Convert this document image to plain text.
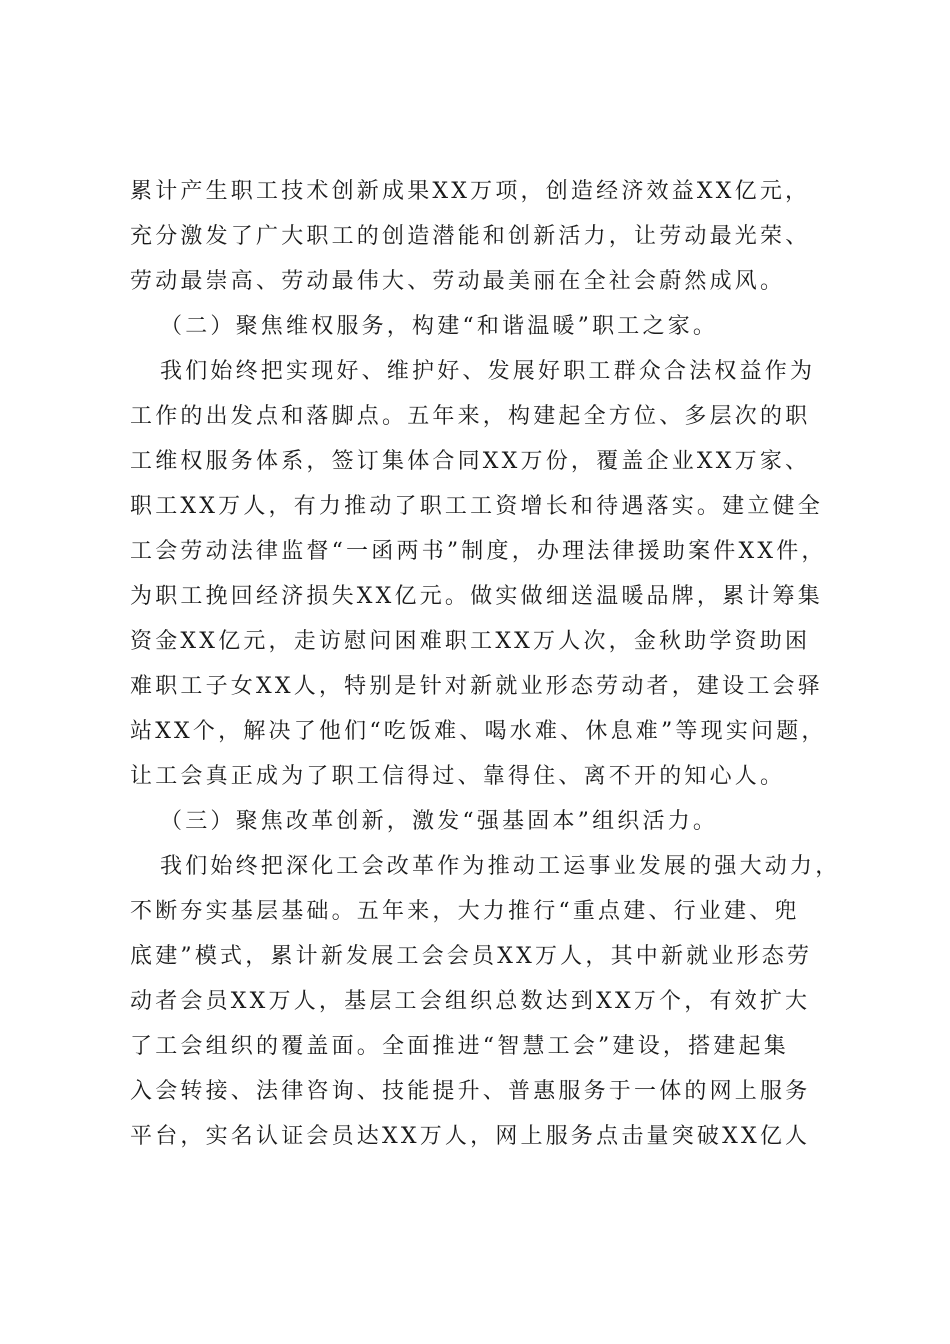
累计产生职工技术创新成果XX万项，创造经济效益XX亿元，
充分激发了广大职工的创造潜能和创新活力，让劳动最光荣、
劳动最崇高、劳动最伟大、劳动最美丽在全社会蔚然成风。
（二）聚焦维权服务，构建“和谐温暖”职工之家。
我们始终把实现好、维护好、发展好职工群众合法权益作为
工作的出发点和落脚点。五年来，构建起全方位、多层次的职
工维权服务体系，签订集体合同XX万份，覆盖企业XX万家、
职工XX万人，有力推动了职工工资增长和待遇落实。建立健全
工会劳动法律监督“一函两书”制度，办理法律援助案件XX件，
为职工挽回经济损失XX亿元。做实做细送温暖品牌，累计筹集
资金XX亿元，走访慰问困难职工XX万人次，金秋助学资助困
难职工子女XX人，特别是针对新就业形态劳动者，建设工会驿
站XX个，解决了他们“吃饭难、喝水难、休息难”等现实问题，
让工会真正成为了职工信得过、靠得住、离不开的知心人。
（三）聚焦改革创新，激发“强基固本”组织活力。
我们始终把深化工会改革作为推动工运事业发展的强大动力，
不断夯实基层基础。五年来，大力推行“重点建、行业建、兜
底建”模式，累计新发展工会会员XX万人，其中新就业形态劳
动者会员XX万人，基层工会组织总数达到XX万个，有效扩大
了工会组织的覆盖面。全面推进“智慧工会”建设，搭建起集
入会转接、法律咨询、技能提升、普惠服务于一体的网上服务
平台，实名认证会员达XX万人，网上服务点击量突破XX亿人
